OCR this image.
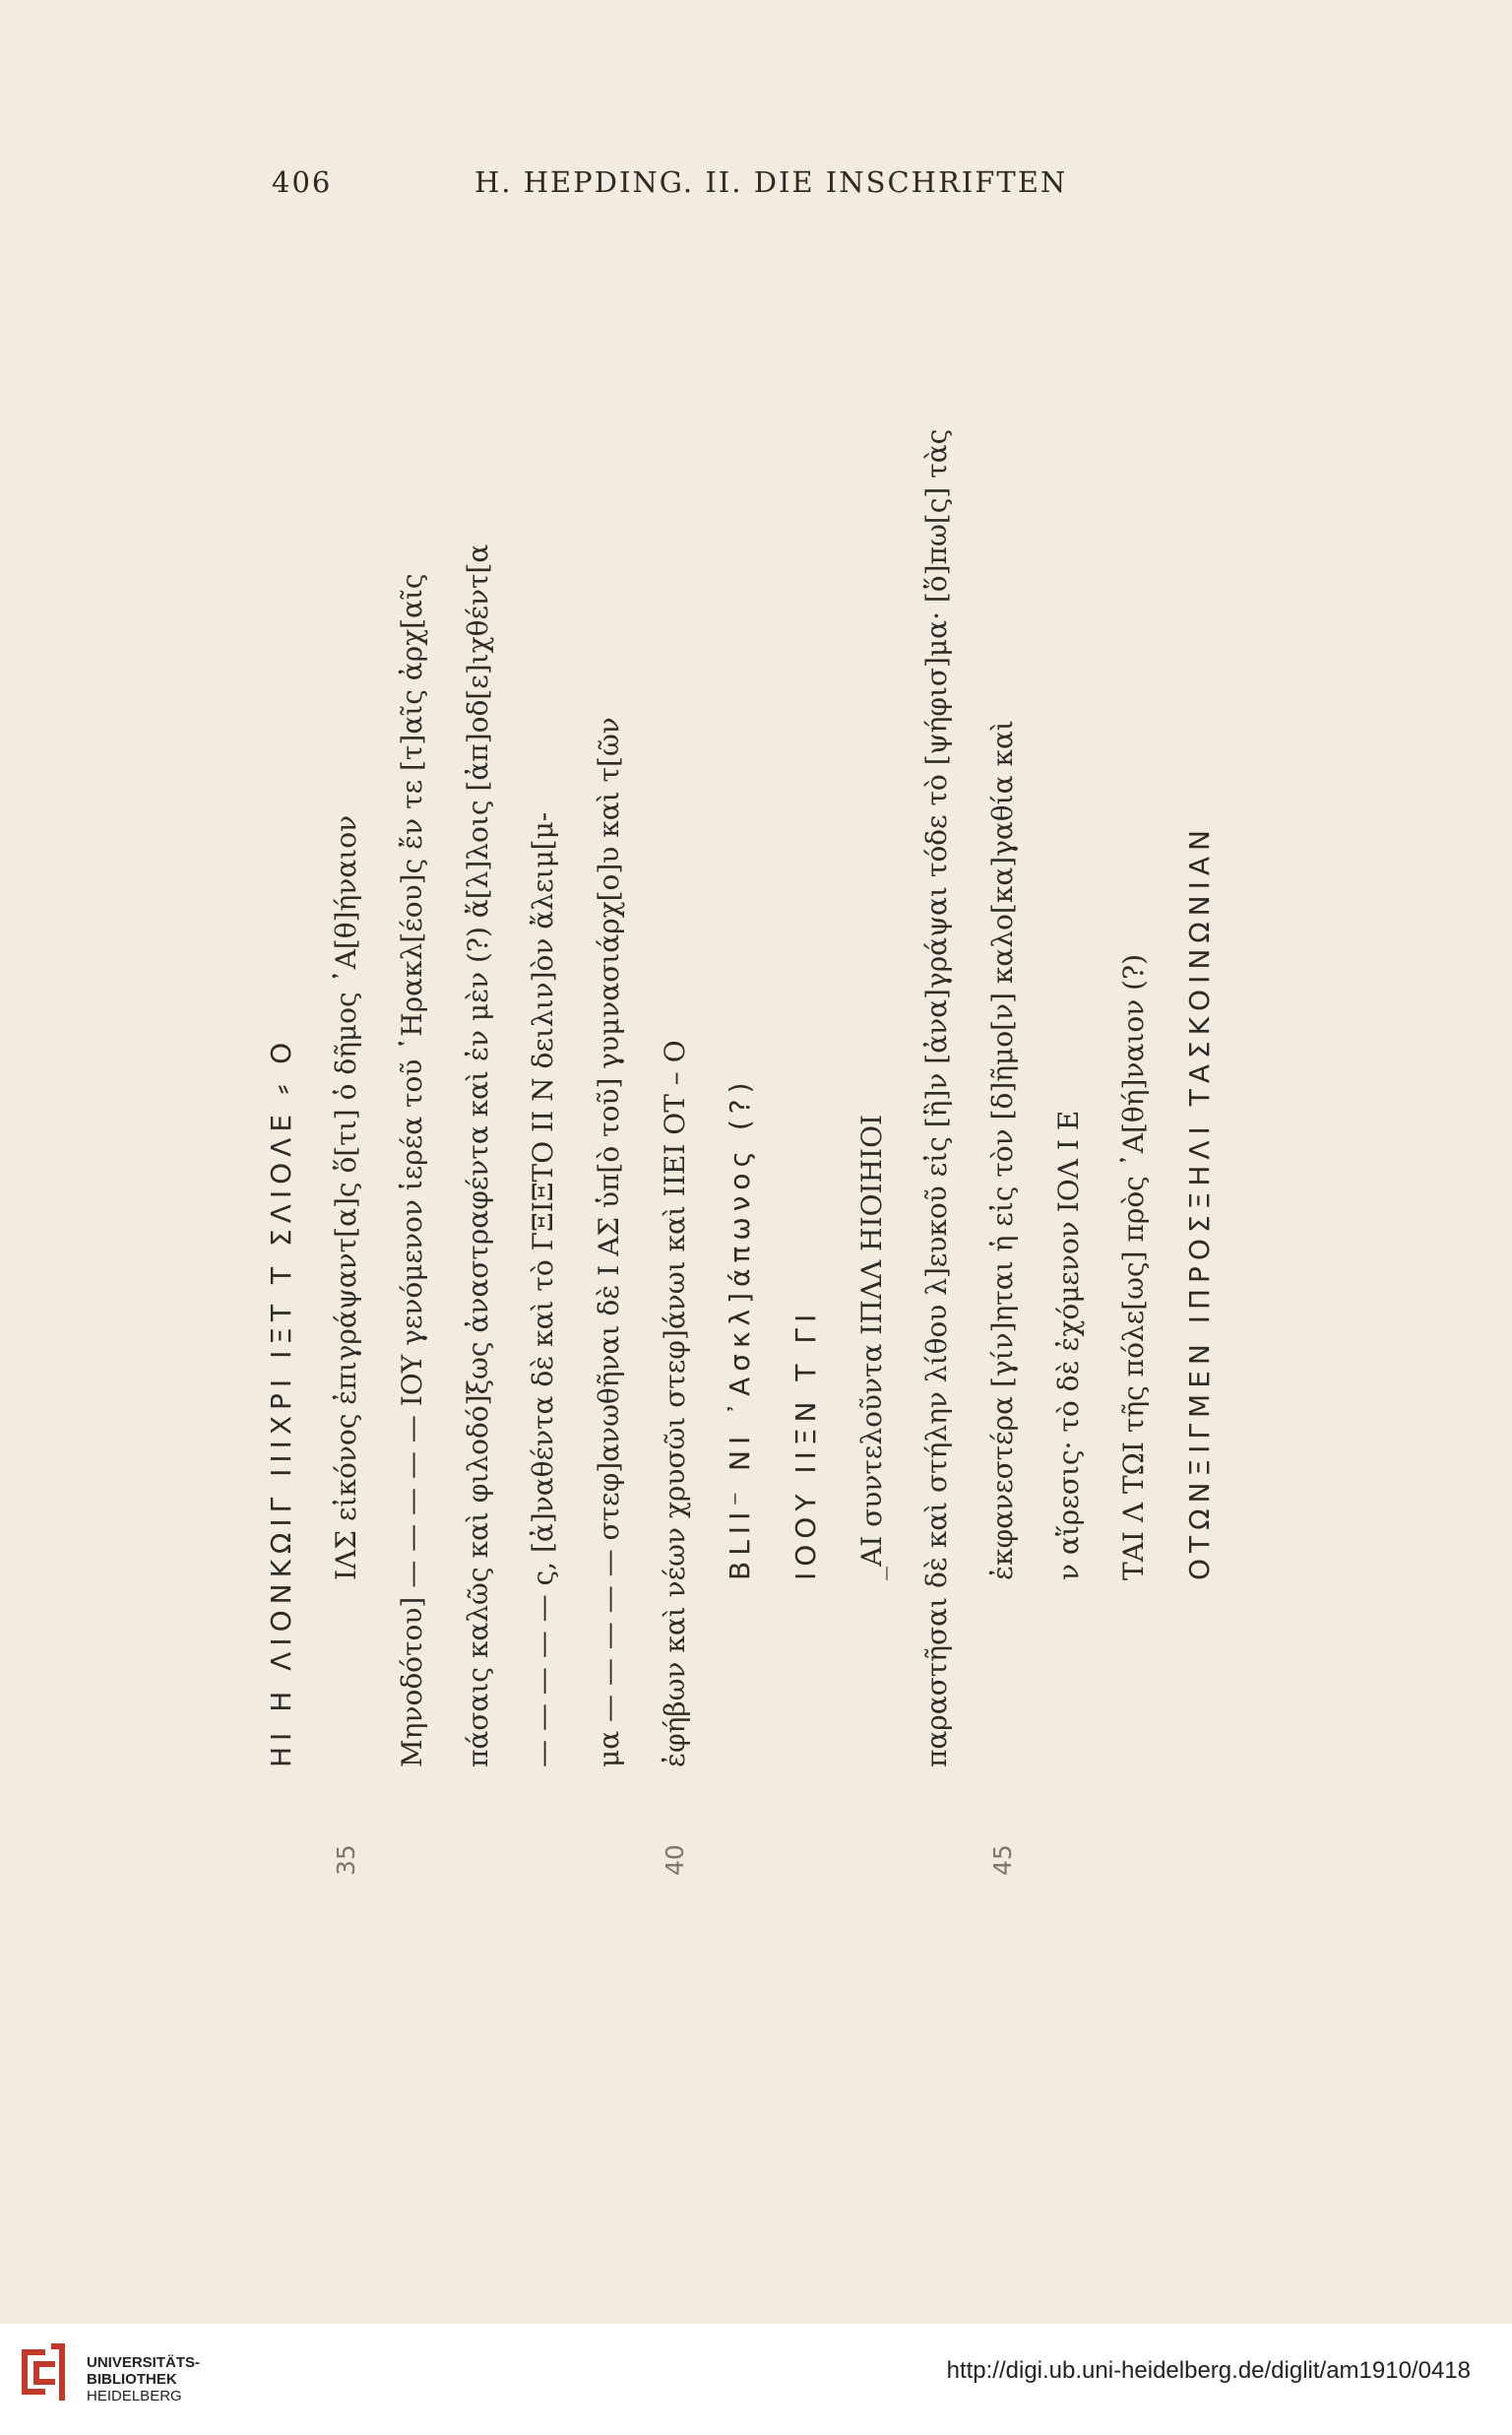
406	H. HEPDING. II. DIE INSCHRIFTEN
ΗΙ Η ΛΙΟΝΚΩΙΓ ΙΙΙΧΡΙ ΙΞΤ Τ ΣΛΙΟΛΕ ⸗ Ο
35
ΙΛΣ εἰκόνος ἐπιγράψαντ[α]ς ὅ[τι] ὁ δῆμος ᾿Α[θ]ήναιον Μηνοδότου] — — — — — ΙΟΥ γενόμενον ἱερέα τοῦ ῾Ηρακλ[έου]ς ἔν τε [τ]αῖς ἀρχ[αῖς πάσαις καλῶς καὶ φιλοδό]ξως ἀναστραφέντα καὶ ἐν μὲν (?) ἄ[λ]λοις [ἀπ]οδ[ε]ιχθέντ[α — — — — — ς, [ἀ]ναθέντα δὲ καὶ τὸ ΓΞΙΞΤΟ ΙΙ Ν δειλιν]ὸν ἄλειμ[μ- μα — — — — — στεφ]ανωθῆναι δὲ Ι ΑΣ ὑπ[ὸ τοῦ] γυμνασιάρχ[ο]υ καὶ τ[ῶν
40
ἐφήβων καὶ νέων χρυσῶι στεφ]άνωι καὶ ΙΙΕΙ ΟΤ – Ο ΒLΙΙ⁻ ΝΙ ᾿Ασκλ]άπωνος (?) ΙΟΟΥ ΙΙΞΝ Τ ΓΙ _ΑΙ συντελοῦντα ΙΠΛΛ ΗΙΟΙΗΙΟΙ παραστῆσαι δὲ καὶ στήλην λίθου λ]ευκοῦ εἰς [ἣ]ν [ἀνα]γράψαι τόδε τὸ [ψήφισ]μα· [ὅ]πω[ς] τὰς
45
ἐκφανεστέρα [γίν]ηται ἡ εἰς τὸν [δ]ῆμο[ν] καλο[κα]γαθία καὶ ν αἵρεσις· τὸ δὲ ἐχόμενον ΙΟΛ Ι Ε ΤΑΙ Λ ΤΩΙ τῆς πόλε[ως] πρὸς ᾿Α[θή]ναιον (?) ΟΤΩΝΞΙΓΜΕΝ ΙΠΡΟΣΞΗΛΙ ΤΑΣΚΟΙΝΩΝΙΑΝ
UNIVERSITÄTS-
BIBLIOTHEK
HEIDELBERG
http://digi.ub.uni-heidelberg.de/diglit/am1910/0418
